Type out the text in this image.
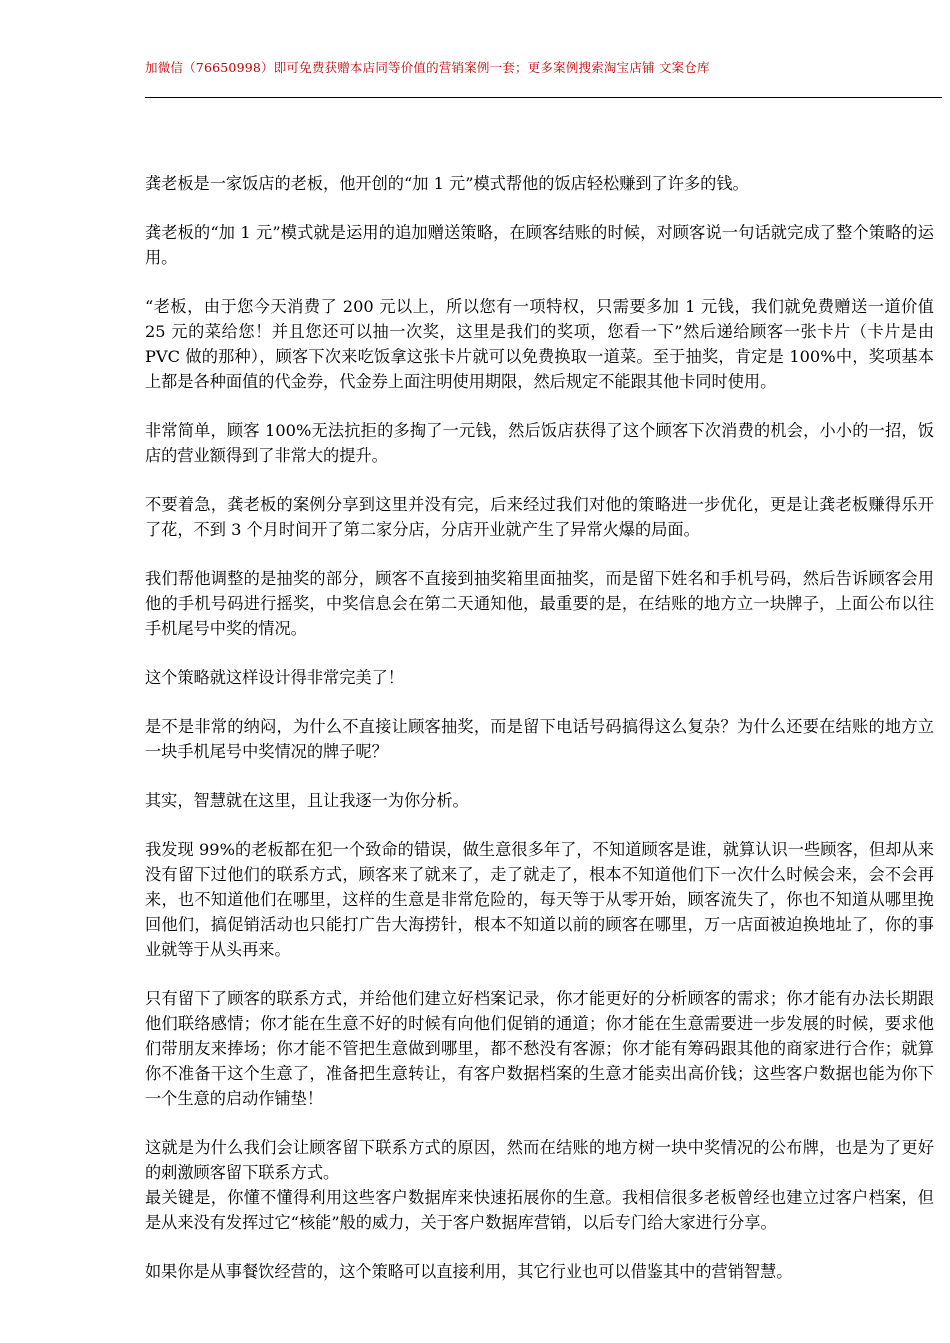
加微信（76650998）即可免费获赠本店同等价值的营销案例一套；更多案例搜索淘宝店铺 文案仓库

龚老板是一家饭店的老板，他开创的“加 1 元”模式帮他的饭店轻松赚到了许多的钱。

龚老板的“加 1 元”模式就是运用的追加赠送策略，在顾客结账的时候，对顾客说一句话就完成了整个策略的运用。

“老板，由于您今天消费了 200 元以上，所以您有一项特权，只需要多加 1 元钱，我们就免费赠送一道价值 25 元的菜给您！并且您还可以抽一次奖，这里是我们的奖项，您看一下”然后递给顾客一张卡片（卡片是由 PVC 做的那种），顾客下次来吃饭拿这张卡片就可以免费换取一道菜。至于抽奖，肯定是 100%中，奖项基本上都是各种面值的代金券，代金券上面注明使用期限，然后规定不能跟其他卡同时使用。

非常简单，顾客 100%无法抗拒的多掏了一元钱，然后饭店获得了这个顾客下次消费的机会，小小的一招，饭店的营业额得到了非常大的提升。

不要着急，龚老板的案例分享到这里并没有完，后来经过我们对他的策略进一步优化，更是让龚老板赚得乐开了花，不到 3 个月时间开了第二家分店，分店开业就产生了异常火爆的局面。

我们帮他调整的是抽奖的部分，顾客不直接到抽奖箱里面抽奖，而是留下姓名和手机号码，然后告诉顾客会用他的手机号码进行摇奖，中奖信息会在第二天通知他，最重要的是，在结账的地方立一块牌子，上面公布以往手机尾号中奖的情况。

这个策略就这样设计得非常完美了！

是不是非常的纳闷，为什么不直接让顾客抽奖，而是留下电话号码搞得这么复杂？为什么还要在结账的地方立一块手机尾号中奖情况的牌子呢？

其实，智慧就在这里，且让我逐一为你分析。

我发现 99%的老板都在犯一个致命的错误，做生意很多年了，不知道顾客是谁，就算认识一些顾客，但却从来没有留下过他们的联系方式，顾客来了就来了，走了就走了，根本不知道他们下一次什么时候会来，会不会再来，也不知道他们在哪里，这样的生意是非常危险的，每天等于从零开始，顾客流失了，你也不知道从哪里挽回他们，搞促销活动也只能打广告大海捞针，根本不知道以前的顾客在哪里，万一店面被迫换地址了，你的事业就等于从头再来。

只有留下了顾客的联系方式，并给他们建立好档案记录，你才能更好的分析顾客的需求；你才能有办法长期跟他们联络感情；你才能在生意不好的时候有向他们促销的通道；你才能在生意需要进一步发展的时候，要求他们带朋友来捧场；你才能不管把生意做到哪里，都不愁没有客源；你才能有筹码跟其他的商家进行合作；就算你不准备干这个生意了，准备把生意转让，有客户数据档案的生意才能卖出高价钱；这些客户数据也能为你下一个生意的启动作铺垫！

这就是为什么我们会让顾客留下联系方式的原因，然而在结账的地方树一块中奖情况的公布牌，也是为了更好的刺激顾客留下联系方式。

最关键是，你懂不懂得利用这些客户数据库来快速拓展你的生意。我相信很多老板曾经也建立过客户档案，但是从来没有发挥过它“核能”般的威力，关于客户数据库营销，以后专门给大家进行分享。

如果你是从事餐饮经营的，这个策略可以直接利用，其它行业也可以借鉴其中的营销智慧。
